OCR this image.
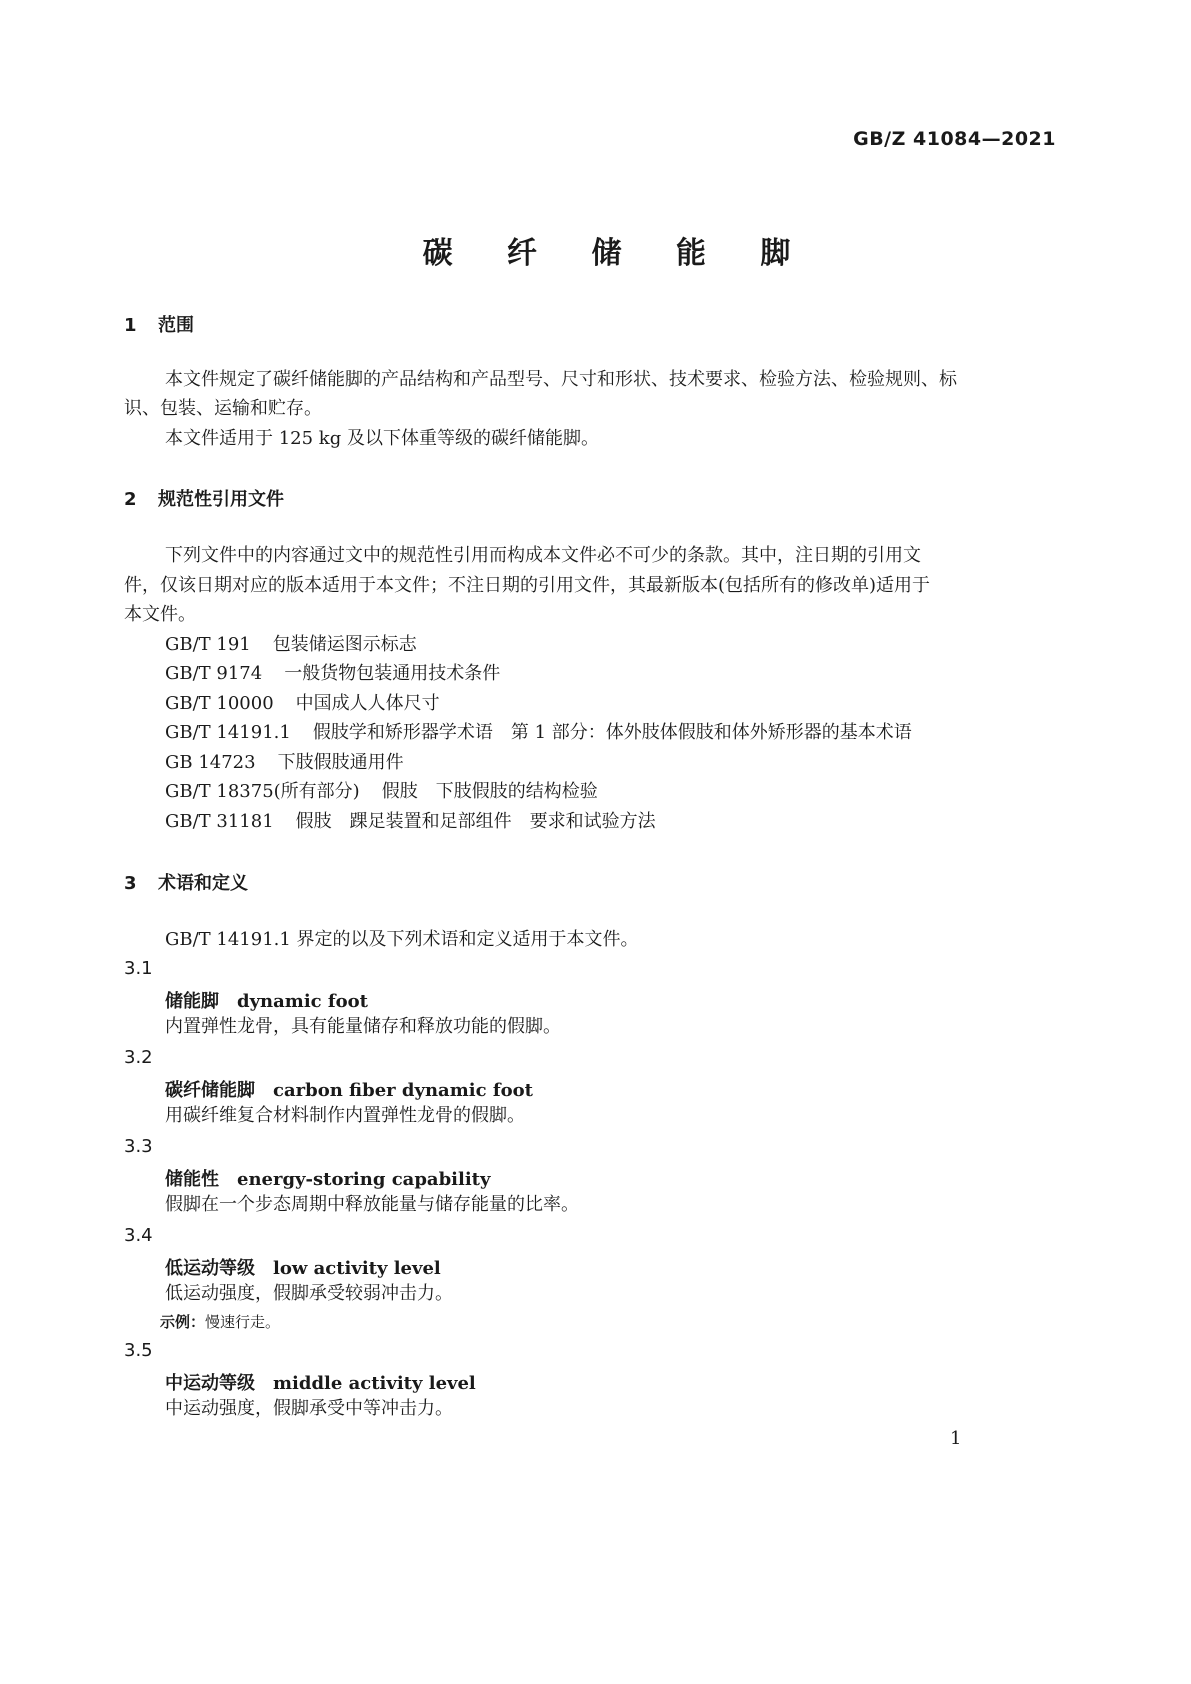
GB/Z 41084—2021
碳 纤 储 能 脚
1 范围
本文件规定了碳纤储能脚的产品结构和产品型号、尺寸和形状、技术要求、检验方法、检验规则、标
识、包装、运输和贮存。
本文件适用于 125 kg 及以下体重等级的碳纤储能脚。
2 规范性引用文件
下列文件中的内容通过文中的规范性引用而构成本文件必不可少的条款。其中，注日期的引用文
件，仅该日期对应的版本适用于本文件；不注日期的引用文件，其最新版本(包括所有的修改单)适用于
本文件。
GB/T 191 包装储运图示标志
GB/T 9174 一般货物包装通用技术条件
GB/T 10000 中国成人人体尺寸
GB/T 14191.1 假肢学和矫形器学术语　第 1 部分：体外肢体假肢和体外矫形器的基本术语
GB 14723 下肢假肢通用件
GB/T 18375(所有部分) 假肢　下肢假肢的结构检验
GB/T 31181 假肢　踝足装置和足部组件　要求和试验方法
3 术语和定义
GB/T 14191.1 界定的以及下列术语和定义适用于本文件。
3.1
储能脚 dynamic foot
内置弹性龙骨，具有能量储存和释放功能的假脚。
3.2
碳纤储能脚 carbon fiber dynamic foot
用碳纤维复合材料制作内置弹性龙骨的假脚。
3.3
储能性 energy-storing capability
假脚在一个步态周期中释放能量与储存能量的比率。
3.4
低运动等级 low activity level
低运动强度，假脚承受较弱冲击力。
示例：慢速行走。
3.5
中运动等级 middle activity level
中运动强度，假脚承受中等冲击力。
1
